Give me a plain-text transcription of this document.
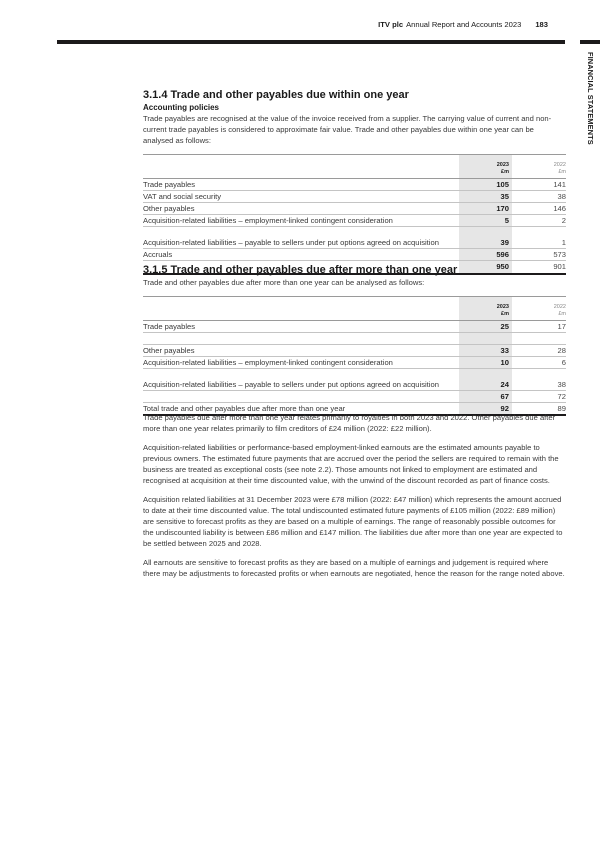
ITV plc Annual Report and Accounts 2023 183
FINANCIAL STATEMENTS
3.1.4 Trade and other payables due within one year
Accounting policies

Trade payables are recognised at the value of the invoice received from a supplier. The carrying value of current and non-current trade payables is considered to approximate fair value. Trade and other payables due within one year can be analysed as follows:

2023
£m

2022
£m

Trade payables	105	141
VAT and social security	35	38
Other payables	170	146
Acquisition-related liabilities – employment-linked contingent consideration	5	2
Acquisition-related liabilities – payable to sellers under put options agreed on acquisition	39	1
Accruals	596	573
	950	901
3.1.5 Trade and other payables due after more than one year

Trade and other payables due after more than one year can be analysed as follows:

2023
£m

2022
£m

Trade payables	25	17

Other payables	33	28
Acquisition-related liabilities – employment-linked contingent consideration	10	6
Acquisition-related liabilities – payable to sellers under put options agreed on acquisition	24	38
	67	72
Total trade and other payables due after more than one year	92	89

Trade payables due after more than one year relates primarily to royalties in both 2023 and 2022. Other payables due after more than one year relates primarily to film creditors of £24 million (2022: £22 million).

Acquisition-related liabilities or performance-based employment-linked earnouts are the estimated amounts payable to previous owners. The estimated future payments that are accrued over the period the sellers are required to remain with the business are treated as exceptional costs (see note 2.2). Those amounts not linked to employment are estimated and recognised at acquisition at their time discounted value, with the unwind of the discount recorded as part of finance costs.

Acquisition related liabilities at 31 December 2023 were £78 million (2022: £47 million) which represents the amount accrued to date at their time discounted value. The total undiscounted estimated future payments of £105 million (2022: £89 million) are sensitive to forecast profits as they are based on a multiple of earnings. The range of reasonably possible outcomes for the undiscounted liability is between £86 million and £147 million. The liabilities due after more than one year are expected to be settled between 2025 and 2028.

All earnouts are sensitive to forecast profits as they are based on a multiple of earnings and judgement is required where there may be adjustments to forecasted profits or when earnouts are negotiated, hence the reason for the range noted above.
